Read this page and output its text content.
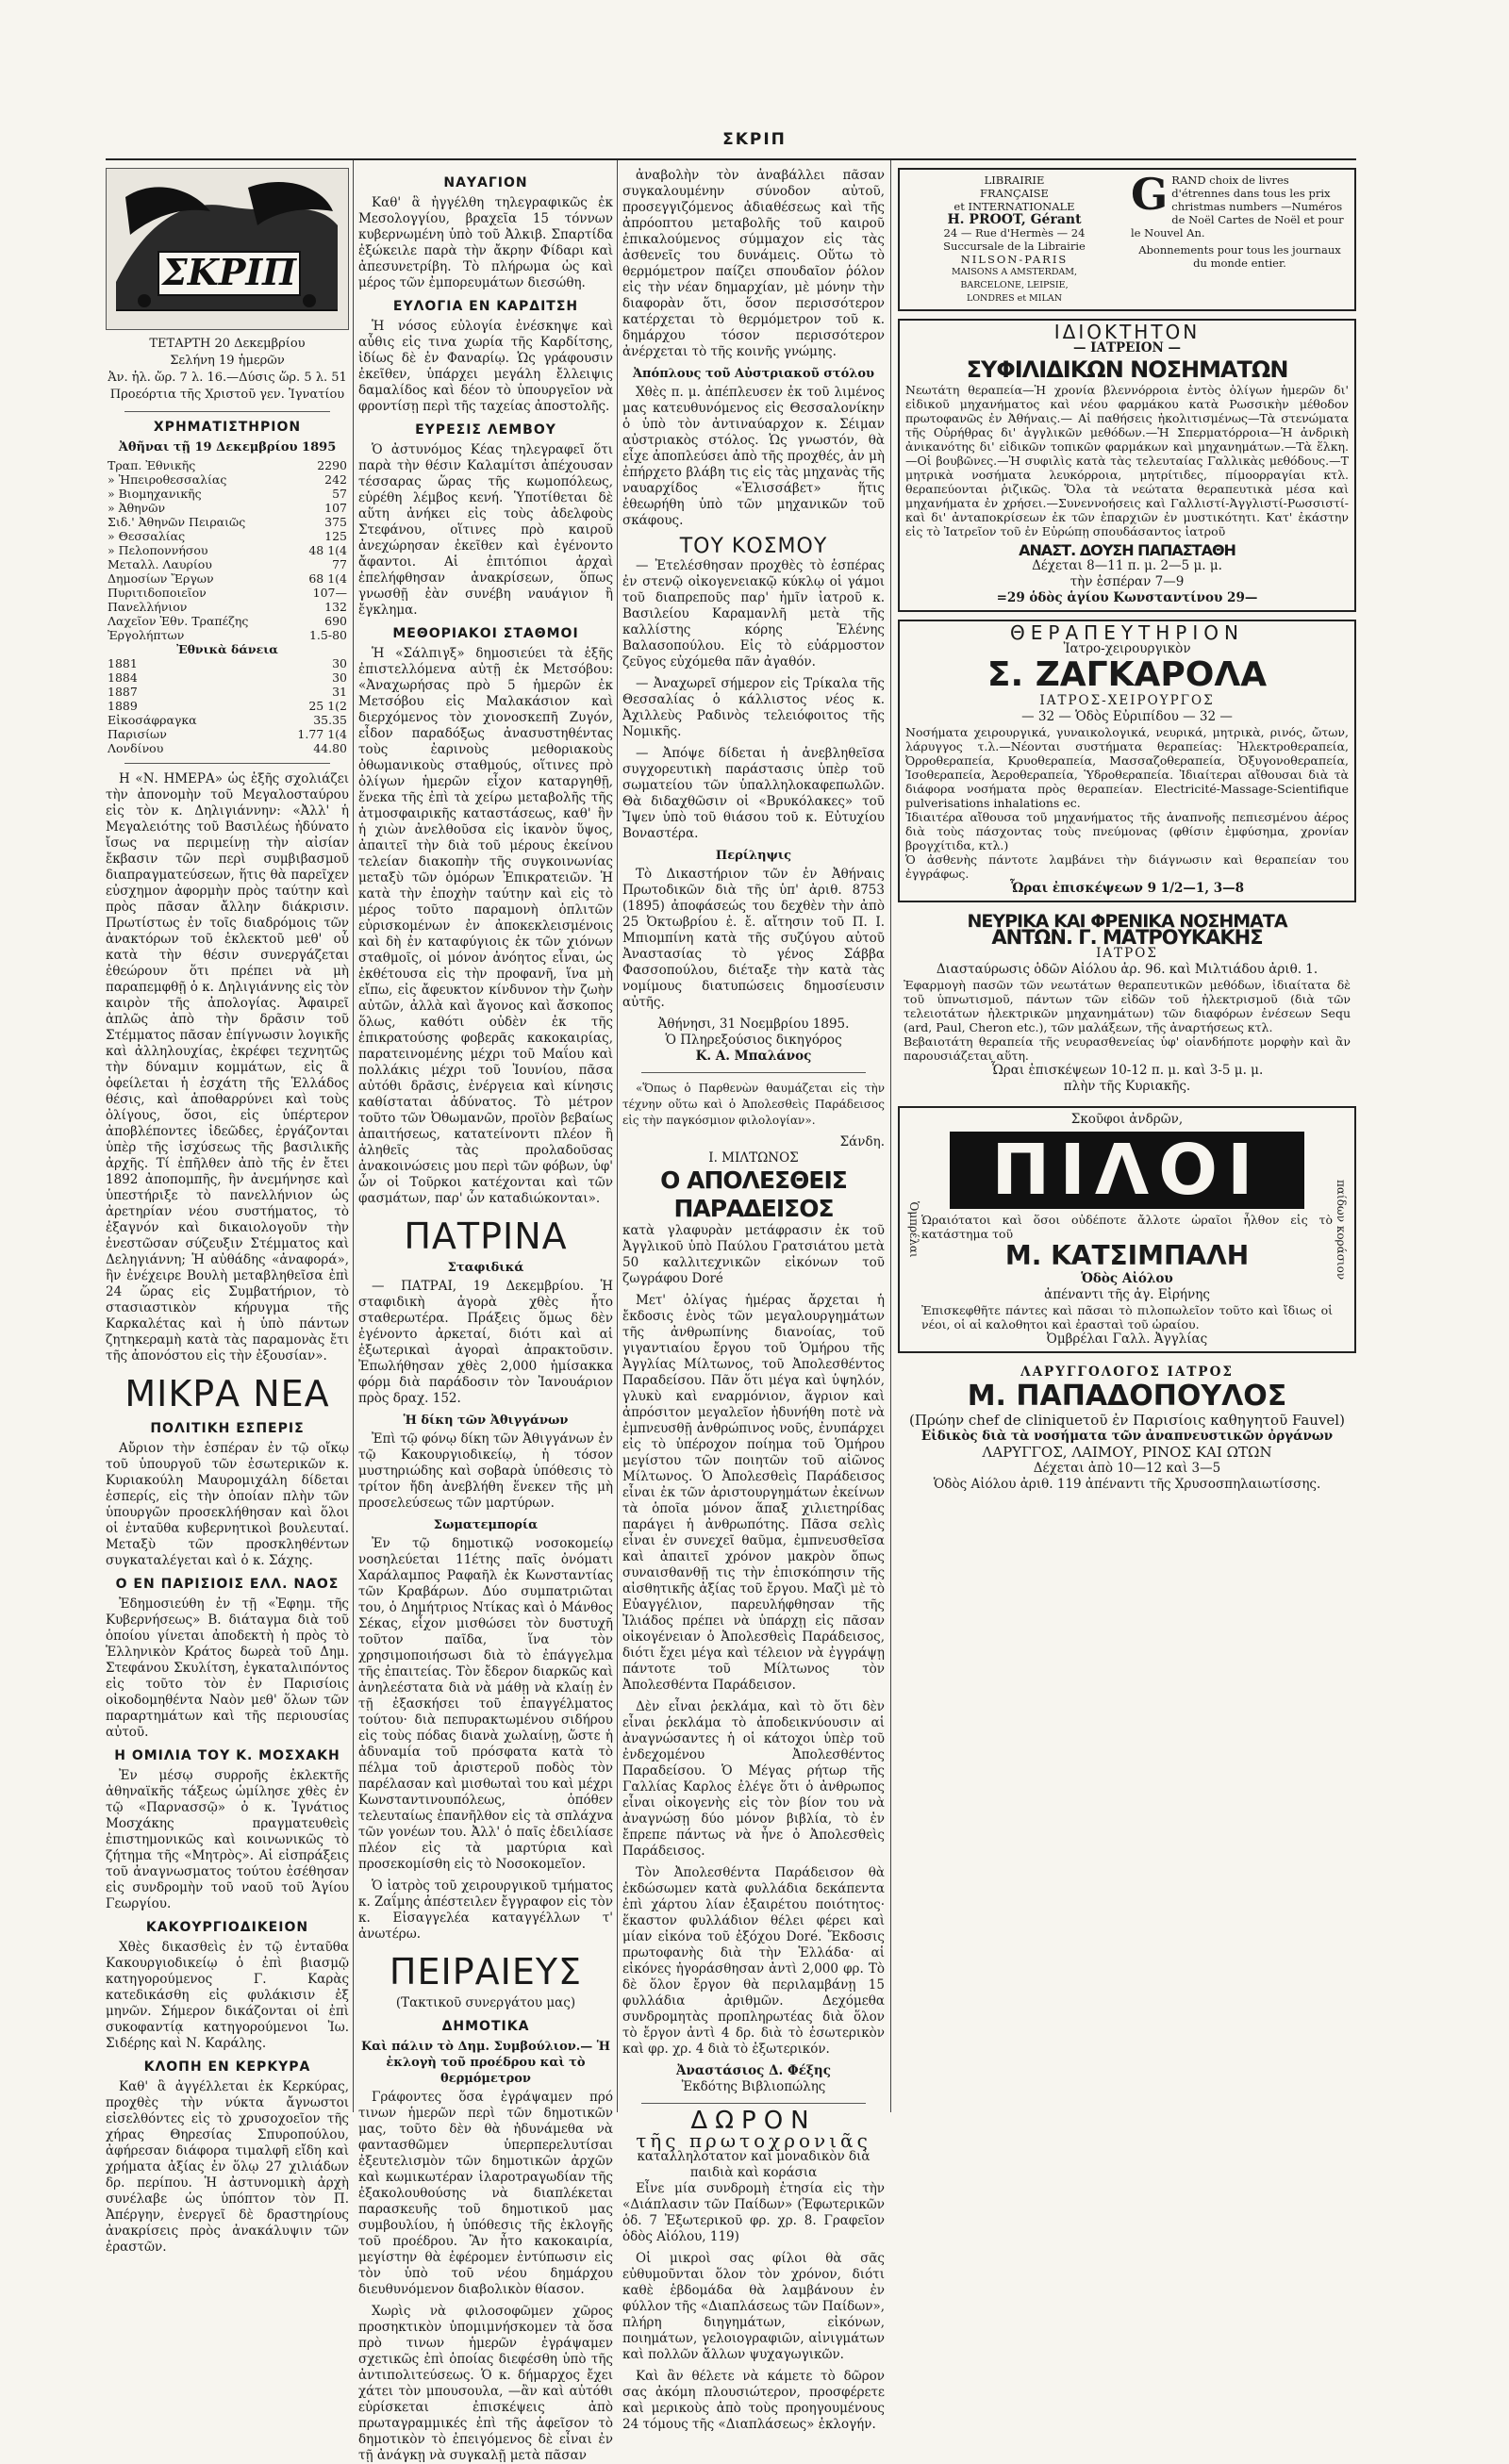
ΣΚΡΙΠ
ΣΚΡΙΠ
ΤΕΤΑΡΤΗ 20 Δεκεμβρίου
Σελήνη 19 ἡμερῶν
Ἀν. ἡλ. ὥρ. 7 λ. 16.—Δύσις ὥρ. 5 λ. 51
Προεόρτια τῆς Χριστοῦ γεν. Ἰγνατίου
ΧΡΗΜΑΤΙΣΤΗΡΙΟΝ
Ἀθῆναι τῇ 19 Δεκεμβρίου 1895
Τραπ. Ἐθνικῆς	2290
» Ἠπειροθεσσαλίας	242
» Βιομηχανικῆς	57
» Ἀθηνῶν	107
Σιδ.' Ἀθηνῶν Πειραιῶς	375
» Θεσσαλίας	125
» Πελοποννήσου	48 1(4
Μεταλλ. Λαυρίου	77
Δημοσίων Ἔργων	68 1(4
Πυριτιδοποιεῖον	107—
Πανελλήνιον	132
Λαχεῖον Ἐθν. Τραπέζης	690
Ἐργολήπτων	1.5-80
Ἐθνικὰ δάνεια	
1881	30
1884	30
1887	31
1889	25 1(2
Εἰκοσάφραγκα	35.35
Παρισίων	1.77 1(4
Λονδίνου	44.80

Η «Ν. ΗΜΕΡΑ» ὡς ἑξῆς σχολιάζει τὴν ἀπονομὴν τοῦ Μεγαλοσταύρου εἰς τὸν κ. Δηλιγιάννην: «Ἀλλ' ἡ Μεγαλειότης τοῦ Βασιλέως ἠδύνατο ἴσως να περιμείνῃ τὴν αἰσίαν ἔκβασιν τῶν περὶ συμβιβασμοῦ διαπραγματεύσεων, ἥτις θὰ παρεῖχεν εὐσχημον ἀφορμὴν πρὸς ταύτην καὶ πρὸς πᾶσαν ἄλλην διάκρισιν. Πρωτίστως ἐν τοῖς διαδρόμοις τῶν ἀνακτόρων τοῦ ἐκλεκτοῦ μεθ' οὗ κατὰ τὴν θέσιν συνεργάζεται ἐθεώρουν ὅτι πρέπει νὰ μὴ παραπεμφθῇ ὁ κ. Δηλιγιάννης εἰς τὸν καιρὸν τῆς ἀπολογίας. Ἀφαιρεῖ ἀπλῶς ἀπὸ τὴν δρᾶσιν τοῦ Στέμματος πᾶσαν ἐπίγνωσιν λογικῆς καὶ ἀλληλουχίας, ἐκρέφει τεχνητῶς τὴν δύναμιν κομμάτων, εἰς ἃ ὀφείλεται ἡ ἐσχάτη τῆς Ἑλλάδος θέσις, καὶ ἀποθαρρύνει καὶ τοὺς ὀλίγους, ὅσοι, εἰς ὑπέρτερον ἀποβλέποντες ἰδεῶδες, ἐργάζονται ὑπὲρ τῆς ἰσχύσεως τῆς βασιλικῆς ἀρχῆς. Τί ἐπῆλθεν ἀπὸ τῆς ἐν ἔτει 1892 ἀποπομπῆς, ἣν ἀνεμήνησε καὶ ὑπεστήριξε τὸ πανελλήνιον ὡς ἀρετηρίαν νέου συστήματος, τὸ ἐξαγνόν καὶ δικαιολογοῦν τὴν ἐνεστῶσαν σύζευξιν Στέμματος καὶ Δεληγιάννη; Ἡ αὐθάδης «ἀναφορά», ἣν ἐνέχειρε Βουλὴ μεταβληθεῖσα ἐπὶ 24 ὥρας εἰς Συμβατήριον, τὸ στασιαστικὸν κήρυγμα τῆς Καρκαλέτας καὶ ἡ ὑπὸ πάντων ζητηκεραμὴ κατὰ τὰς παραμονὰς ἔτι τῆς ἀπονόστου εἰς τὴν ἐξουσίαν».

ΜΙΚΡΑ ΝΕΑ
ΠΟΛΙΤΙΚΗ ΕΣΠΕΡΙΣ

Αὔριον τὴν ἑσπέραν ἐν τῷ οἴκῳ τοῦ ὑπουργοῦ τῶν ἐσωτερικῶν κ. Κυριακούλη Μαυρομιχάλη δίδεται ἑσπερίς, εἰς τὴν ὁποίαν πλὴν τῶν ὑπουργῶν προσεκλήθησαν καὶ ὅλοι οἱ ἐνταῦθα κυβερνητικοὶ βουλευταί. Μεταξὺ τῶν προσκληθέντων συγκαταλέγεται καὶ ὁ κ. Σάχης.

Ο ΕΝ ΠΑΡΙΣΙΟΙΣ ΕΛΛ. ΝΑΟΣ

Ἐδημοσιεύθη ἐν τῇ «Ἐφημ. τῆς Κυβερνήσεως» Β. διάταγμα διὰ τοῦ ὁποίου γίνεται ἀποδεκτὴ ἡ πρὸς τὸ Ἑλληνικὸν Κράτος δωρεὰ τοῦ Δημ. Στεφάνου Σκυλίτση, ἐγκαταλιπόντος εἰς τοῦτο τὸν ἐν Παρισίοις οἰκοδομηθέντα Ναὸν μεθ' ὅλων τῶν παραρτημάτων καὶ τῆς περιουσίας αὐτοῦ.

Η ΟΜΙΛΙΑ ΤΟΥ Κ. ΜΟΣΧΑΚΗ

Ἐν μέσῳ συρροῆς ἐκλεκτῆς ἀθηναϊκῆς τάξεως ὡμίλησε χθὲς ἐν τῷ «Παρνασσῷ» ὁ κ. Ἰγνάτιος Μοσχάκης πραγματευθεὶς ἐπιστημονικῶς καὶ κοινωνικῶς τὸ ζήτημα τῆς «Μητρὸς». Αἱ εἰσπράξεις τοῦ ἀναγνωσματος τούτου ἐσέθησαν εἰς συνδρομὴν τοῦ ναοῦ τοῦ Ἁγίου Γεωργίου.

ΚΑΚΟΥΡΓΙΟΔΙΚΕΙΟΝ

Χθὲς δικασθεὶς ἐν τῷ ἐνταῦθα Κακουργιοδικείῳ ὁ ἐπὶ βιασμῷ κατηγορούμενος Γ. Καρὰς κατεδικάσθη εἰς φυλάκισιν ἐξ μηνῶν. Σήμερον δικάζονται οἱ ἐπὶ συκοφαντίᾳ κατηγορούμενοι Ἰω. Σιδέρης καὶ Ν. Καράλης.

ΚΛΟΠΗ ΕΝ ΚΕΡΚΥΡΑ

Καθ' ἃ ἀγγέλλεται ἐκ Κερκύρας, προχθὲς τὴν νύκτα ἄγνωστοι εἰσελθόντες εἰς τὸ χρυσοχοεῖον τῆς χήρας Θηρεσίας Σπυροπούλου, ἀφήρεσαν διάφορα τιμαλφῆ εἴδη καὶ χρήματα ἀξίας ἐν ὅλῳ 27 χιλιάδων δρ. περίπου. Ἡ ἀστυνομικὴ ἀρχὴ συνέλαβε ὡς ὑπόπτον τὸν Π. Ἀπέργην, ἐνεργεῖ δὲ δραστηρίους ἀνακρίσεις πρὸς ἀνακάλυψιν τῶν ἐραστῶν.

ΝΑΥΑΓΙΟΝ

Καθ' ἃ ἠγγέλθη τηλεγραφικῶς ἐκ Μεσολογγίου, βραχεῖα 15 τόννων κυβερνωμένη ὑπὸ τοῦ Ἀλκιβ. Σπαρτίδα ἐξώκειλε παρὰ τὴν ἄκρην Φίδαρι καὶ ἀπεσυνετρίβη. Τὸ πλήρωμα ὡς καὶ μέρος τῶν ἐμπορευμάτων διεσώθη.

ΕΥΛΟΓΙΑ ΕΝ ΚΑΡΔΙΤΣΗ

Ἡ νόσος εὐλογία ἐνέσκηψε καὶ αὖθις εἰς τινα χωρία τῆς Καρδίτσης, ἰδίως δὲ ἐν Φαναρίῳ. Ὡς γράφουσιν ἐκεῖθεν, ὑπάρχει μεγάλη ἔλλειψις δαμαλίδος καὶ δέον τὸ ὑπουργεῖον νὰ φροντίσῃ περὶ τῆς ταχείας ἀποστολῆς.

ΕΥΡΕΣΙΣ ΛΕΜΒΟΥ

Ὁ ἀστυνόμος Κέας τηλεγραφεῖ ὅτι παρὰ τὴν θέσιν Καλαμίτσι ἀπέχουσαν τέσσαρας ὥρας τῆς κωμοπόλεως, εὑρέθη λέμβος κενή. Ὑποτίθεται δὲ αὕτη ἀνήκει εἰς τοὺς ἀδελφοὺς Στεφάνου, οἵτινες πρὸ καιροῦ ἀνεχώρησαν ἐκεῖθεν καὶ ἐγένοντο ἄφαντοι. Αἱ ἐπιτόπιοι ἀρχαὶ ἐπελήφθησαν ἀνακρίσεων, ὅπως γνωσθῇ ἐὰν συνέβη ναυάγιον ἢ ἔγκλημα.

ΜΕΘΟΡΙΑΚΟΙ ΣΤΑΘΜΟΙ

Ἡ «Σάλπιγξ» δημοσιεύει τὰ ἑξῆς ἐπιστελλόμενα αὐτῇ ἐκ Μετσόβου: «Ἀναχωρήσας πρὸ 5 ἡμερῶν ἐκ Μετσόβου εἰς Μαλακάσιον καὶ διερχόμενος τὸν χιονοσκεπῆ Ζυγόν, εἶδον παραδόξως ἀνασυστηθέντας τοὺς ἐαρινοὺς μεθοριακοὺς ὀθωμανικοὺς σταθμούς, οἵτινες πρὸ ὀλίγων ἡμερῶν εἶχον καταργηθῇ, ἕνεκα τῆς ἐπὶ τὰ χείρω μεταβολῆς τῆς ἀτμοσφαιρικῆς καταστάσεως, καθ' ἣν ἡ χιὼν ἀνελθοῦσα εἰς ἱκανὸν ὕψος, ἀπαιτεῖ τὴν διὰ τοῦ μέρους ἐκείνου τελείαν διακοπὴν τῆς συγκοινωνίας μεταξὺ τῶν ὁμόρων Ἐπικρατειῶν. Ἡ κατὰ τὴν ἐποχὴν ταύτην καὶ εἰς τὸ μέρος τοῦτο παραμονὴ ὁπλιτῶν εὐρισκομένων ἐν ἀποκεκλεισμένοις καὶ δὴ ἐν καταφύγιοις ἐκ τῶν χιόνων σταθμοῖς, οἱ μόνον ἀνόητος εἶναι, ὡς ἐκθέτουσα εἰς τὴν προφανῆ, ἵνα μὴ εἴπω, εἰς ἄφευκτον κίνδυνον τὴν ζωὴν αὐτῶν, ἀλλὰ καὶ ἄγονος καὶ ἄσκοπος ὅλως, καθότι οὐδὲν ἐκ τῆς ἐπικρατούσης φοβερᾶς κακοκαιρίας, παρατεινομένης μέχρι τοῦ Μαΐου καὶ πολλάκις μέχρι τοῦ Ἰουνίου, πᾶσα αὐτόθι δρᾶσις, ἐνέργεια καὶ κίνησις καθίσταται ἀδύνατος. Τὸ μέτρον τοῦτο τῶν Ὀθωμανῶν, προϊὸν βεβαίως ἀπαιτήσεως, κατατείνοντι πλέον ἢ ἀληθεῖς τὰς προλαδοῦσας ἀνακοινώσεις μου περὶ τῶν φόβων, ὑφ' ὧν οἱ Τοῦρκοι κατέχονται καὶ τῶν φασμάτων, παρ' ὧν καταδιώκονται».

ΠΑΤΡΙΝΑ
Σταφιδικά

— ΠΑΤΡΑΙ, 19 Δεκεμβρίου. Ἡ σταφιδικὴ ἀγορὰ χθὲς ἦτο σταθερωτέρα. Πράξεις ὅμως δὲν ἐγένοντο ἀρκεταί, διότι καὶ αἱ ἐξωτερικαὶ ἀγοραὶ ἀπρακτοῦσιν. Ἐπωλήθησαν χθὲς 2,000 ἡμίσακκα φόρμ διὰ παράδοσιν τὸν Ἰανουάριον πρὸς δραχ. 152.

Ἡ δίκη τῶν Ἀθιγγάνων

Ἐπὶ τῷ φόνῳ δίκη τῶν Ἀθιγγάνων ἐν τῷ Κακουργιοδικείῳ, ἡ τόσον μυστηριώδης καὶ σοβαρὰ ὑπόθεσις τὸ τρίτον ἤδη ἀνεβλήθη ἕνεκεν τῆς μὴ προσελεύσεως τῶν μαρτύρων.

Σωματεμπορία

Ἐν τῷ δημοτικῷ νοσοκομείῳ νοσηλεύεται 11έτης παῖς ὀνόματι Χαράλαμπος Ραφαῆλ ἐκ Κωνσταντίας τῶν Κραβάρων. Δύο συμπατριῶται του, ὁ Δημήτριος Ντίκας καὶ ὁ Μάνθος Σέκας, εἶχον μισθώσει τὸν δυστυχῆ τοῦτον παῖδα, ἵνα τὸν χρησιμοποιήσωσι διὰ τὸ ἐπάγγελμα τῆς ἐπαιτείας. Τὸν ἔδερον διαρκῶς καὶ ἀνηλεέστατα διὰ νὰ μάθῃ νὰ κλαίῃ ἐν τῇ ἐξασκήσει τοῦ ἐπαγγέλματος τούτου· διὰ πεπυρακτωμένου σιδήρου εἰς τοὺς πόδας διανὰ χωλαίνῃ, ὥστε ἡ ἀδυναμία τοῦ πρόσφατα κατὰ τὸ πέλμα τοῦ ἀριστεροῦ ποδὸς τὸν παρέλασαν καὶ μισθωταὶ του καὶ μέχρι Κωνσταντινουπόλεως, ὁπόθεν τελευταίως ἐπανῆλθον εἰς τὰ σπλάχνα τῶν γονέων του. Ἀλλ' ὁ παῖς ἐδειλίασε πλέον εἰς τὰ μαρτύρια καὶ προσεκομίσθη εἰς τὸ Νοσοκομεῖον.

Ὁ ἰατρὸς τοῦ χειρουργικοῦ τμήματος κ. Ζαΐμης ἀπέστειλεν ἔγγραφον εἰς τὸν κ. Εἰσαγγελέα καταγγέλλων τ' ἀνωτέρω.

ΠΕΙΡΑΙΕΥΣ
(Τακτικοῦ συνεργάτου μας)
ΔΗΜΟΤΙΚΑ
Καὶ πάλιν τὸ Δημ. Συμβούλιον.— Ἡ ἐκλογὴ τοῦ προέδρου καὶ τὸ θερμόμετρον

Γράφοντες ὅσα ἐγράψαμεν πρό τινων ἡμερῶν περὶ τῶν δημοτικῶν μας, τοῦτο δὲν θὰ ἠδυνάμεθα νὰ φαντασθῶμεν ὑπερπερελυτίσαι ἐξευτελισμὸν τῶν δημοτικῶν ἀρχῶν καὶ κωμικωτέραν ἱλαροτραγωδίαν τῆς ἐξακολουθούσης νὰ διαπλέκεται παρασκευῆς τοῦ δημοτικοῦ μας συμβουλίου, ἡ ὑπόθεσις τῆς ἐκλογῆς τοῦ προέδρου. Ἂν ἦτο κακοκαιρία, μεγίστην θὰ ἐφέρομεν ἐντύπωσιν εἰς τὸν ὑπὸ τοῦ νέου δημάρχου διευθυνόμενον διαβολικὸν θίασον.

Χωρὶς νὰ φιλοσοφῶμεν χῶρος προσηκτικὸν ὑπομιμνήσκομεν τὰ ὅσα πρὸ τινων ἡμερῶν ἐγράψαμεν σχετικῶς ἐπὶ ὁποίας διεφέσθη ὑπὸ τῆς ἀντιπολιτεύσεως. Ὁ κ. δήμαρχος ἔχει χάτει τὸν μπουσουλα, —ἂν καὶ αὐτόθι εὑρίσκεται ἐπισκέψεις ἀπὸ πρωταγραμμικές ἐπὶ τῆς ἀφεῖσον τὸ δημοτικὸν τὸ ἐπειγόμενος δὲ εἶναι ἐν τῇ ἀνάγκῃ νὰ συγκαλῇ μετὰ πᾶσαν

ἀναβολὴν τὸν ἀναβάλλει πᾶσαν συγκαλουμένην σύνοδον αὐτοῦ, προσεγγιζόμενος ἀδιαθέσεως καὶ τῆς ἀπρόοπτου μεταβολῆς τοῦ καιροῦ ἐπικαλούμενος σύμμαχον εἰς τὰς ἀσθενεῖς του δυνάμεις. Οὕτω τὸ θερμόμετρον παίζει σπουδαῖον ῥόλον εἰς τὴν νέαν δημαρχίαν, μὲ μόνην τὴν διαφορὰν ὅτι, ὅσον περισσότερον κατέρχεται τὸ θερμόμετρον τοῦ κ. δημάρχου τόσον περισσότερον ἀνέρχεται τὸ τῆς κοινῆς γνώμης.

Ἀπόπλους τοῦ Αὐστριακοῦ στόλου

Χθὲς π. μ. ἀπέπλευσεν ἐκ τοῦ λιμένος μας κατευθυνόμενος εἰς Θεσσαλονίκην ὁ ὑπὸ τὸν ἀντιναύαρχον κ. Σέιμαν αὐστριακὸς στόλος. Ὡς γνωστόν, θὰ εἶχε ἀποπλεύσει ἀπὸ τῆς προχθές, ἀν μὴ ἐπήρχετο βλάβη τις εἰς τὰς μηχανὰς τῆς ναυαρχίδος «Ἐλισσάβετ» ἥτις ἐθεωρήθη ὑπὸ τῶν μηχανικῶν τοῦ σκάφους.

ΤΟΥ ΚΟΣΜΟΥ

— Ἐτελέσθησαν προχθὲς τὸ ἑσπέρας ἐν στενῷ οἰκογενειακῷ κύκλῳ οἱ γάμοι τοῦ διαπρεποῦς παρ' ἡμῖν ἰατροῦ κ. Βασιλείου Καραμανλῆ μετὰ τῆς καλλίστης κόρης Ἑλένης Βαλασοπούλου. Εἰς τὸ εὐάρμοστον ζεῦγος εὐχόμεθα πᾶν ἀγαθόν.

— Ἀναχωρεῖ σήμερον εἰς Τρίκαλα τῆς Θεσσαλίας ὁ κάλλιστος νέος κ. Ἀχιλλεὺς Ραδινὸς τελειόφοιτος τῆς Νομικῆς.

— Ἀπόψε δίδεται ἡ ἀνεβληθεῖσα συγχορευτικὴ παράστασις ὑπὲρ τοῦ σωματείου τῶν ὑπαλληλοκαφεπωλῶν. Θὰ διδαχθῶσιν οἱ «Βρυκόλακες» τοῦ Ἴψεν ὑπὸ τοῦ θιάσου τοῦ κ. Εὐτυχίου Βοναστέρα.

Περίληψις

Τὸ Δικαστήριον τῶν ἐν Ἀθήναις Πρωτοδικῶν διὰ τῆς ὑπ' ἀριθ. 8753 (1895) ἀποφάσεώς του δεχθὲν τὴν ἀπὸ 25 Ὀκτωβρίου ἐ. ἔ. αἴτησιν τοῦ Π. Ι. Μπιομπίνη κατὰ τῆς συζύγου αὐτοῦ Ἀναστασίας τὸ γένος Σάββα Φασσοπούλου, διέταξε τὴν κατὰ τὰς νομίμους διατυπώσεις δημοσίευσιν αὐτῆς.

Ἀθήνησι, 31 Νοεμβρίου 1895.
Ὁ Πληρεξούσιος δικηγόρος
Κ. Α. Μπαλάνος

«Ὅπως ὁ Παρθενὼν θαυμάζεται εἰς τὴν τέχνην οὕτω καὶ ὁ Ἀπολεσθεὶς Παράδεισος εἰς τὴν παγκόσμιον φιλολογίαν».

Σάνδη.
Ι. ΜΙΛΤΩΝΟΣ
Ο ΑΠΟΛΕΣΘΕΙΣ ΠΑΡΑΔΕΙΣΟΣ

κατὰ γλαφυρὰν μετάφρασιν ἐκ τοῦ Ἀγγλικοῦ ὑπὸ Παύλου Γρατσιάτου μετὰ 50 καλλιτεχνικῶν εἰκόνων τοῦ ζωγράφου Doré

Μετ' ὀλίγας ἡμέρας ἄρχεται ἡ ἔκδοσις ἑνὸς τῶν μεγαλουργημάτων τῆς ἀνθρωπίνης διανοίας, τοῦ γιγαντιαίου ἔργου τοῦ Ὁμήρου τῆς Ἀγγλίας Μίλτωνος, τοῦ Ἀπολεσθέντος Παραδείσου. Πᾶν ὅτι μέγα καὶ ὑψηλόν, γλυκὺ καὶ εναρμόνιον, ἅγριον καὶ ἀπρόσιτον μεγαλεῖον ἠδυνήθη ποτὲ νὰ ἐμπνευσθῇ ἀνθρώπινος νοῦς, ἐνυπάρχει εἰς τὸ ὑπέροχον ποίημα τοῦ Ὁμήρου μεγίστου τῶν ποιητῶν τοῦ αἰῶνος Μίλτωνος. Ὁ Ἀπολεσθεὶς Παράδεισος εἶναι ἐκ τῶν ἀριστουργημάτων ἐκείνων τὰ ὁποῖα μόνον ἅπαξ χιλιετηρίδας παράγει ἡ ἀνθρωπότης. Πᾶσα σελὶς εἶναι ἐν συνεχεῖ θαῦμα, ἐμπνευσθεῖσα καὶ ἀπαιτεῖ χρόνον μακρὸν ὅπως συναισθανθῇ τις τὴν ἐπισκόπησιν τῆς αἰσθητικῆς ἀξίας τοῦ ἔργου. Μαζὶ μὲ τὸ Εὐαγγέλιον, παρευλήφθησαν τῆς Ἰλιάδος πρέπει νὰ ὑπάρχῃ εἰς πᾶσαν οἰκογένειαν ὁ Ἀπολεσθεὶς Παράδεισος, διότι ἔχει μέγα καὶ τέλειον νὰ ἐγγράψῃ πάντοτε τοῦ Μίλτωνος τὸν Ἀπολεσθέντα Παράδεισον.

Δὲν εἶναι ῥεκλάμα, καὶ τὸ ὅτι δὲν εἶναι ῥεκλάμα τὸ ἀποδεικνύουσιν αἱ ἀναγνώσαντες ἡ οἱ κάτοχοι ὑπὲρ τοῦ ἐνδεχομένου Ἀπολεσθέντος Παραδείσου. Ὁ Μέγας ρήτωρ τῆς Γαλλίας Καρλος ἐλέγε ὅτι ὁ ἀνθρωπος εἶναι οἰκογενὴς εἰς τὸν βίον του νὰ ἀναγνώσῃ δύο μόνον βιβλία, τὸ ἐν ἔπρεπε πάντως νὰ ἦνε ὁ Ἀπολεσθεὶς Παράδεισος.

Τὸν Ἀπολεσθέντα Παράδεισον θὰ ἐκδώσωμεν κατὰ φυλλάδια δεκάπεντα ἐπὶ χάρτου λίαν ἐξαιρέτου ποιότητος· ἕκαστον φυλλάδιον θέλει φέρει καὶ μίαν εἰκόνα τοῦ ἐξόχου Doré. Ἔκδοσις πρωτοφανὴς διὰ τὴν Ἑλλάδα· αἱ εἰκόνες ἠγοράσθησαν ἀντὶ 2,000 φρ. Τὸ δὲ ὅλον ἔργον θὰ περιλαμβάνῃ 15 φυλλάδια ἀριθμῶν. Δεχόμεθα συνδρομητὰς προπληρωτέας διὰ ὅλον τὸ ἔργον ἀντὶ 4 δρ. διὰ τὸ ἐσωτερικὸν καὶ φρ. χρ. 4 διὰ τὸ ἐξωτερικόν.

Ἀναστάσιος Δ. Φέξης
Ἐκδότης Βιβλιοπώλης
ΔΩΡΟΝ
τῆς πρωτοχρονιᾶς
καταλληλότατον καὶ μοναδικὸν διὰ παιδιὰ καὶ κοράσια

Εἶνε μία συνδρομὴ ἐτησία εἰς τὴν «Διάπλασιν τῶν Παίδων» (Ἐφωτερικῶν ὁδ. 7 Ἐξωτερικοῦ φρ. χρ. 8. Γραφεῖον ὁδὸς Αἰόλου, 119)

Οἱ μικροὶ σας φίλοι θὰ σᾶς εὐθυμοῦνται ὅλον τὸν χρόνον, διότι καθὲ ἑβδομάδα θὰ λαμβάνουν ἐν φύλλον τῆς «Διαπλάσεως τῶν Παίδων», πλήρη διηγημάτων, εἰκόνων, ποιημάτων, γελοιογραφιῶν, αἰνιγμάτων καὶ πολλῶν ἄλλων ψυχαγωγικῶν.

Καὶ ἂν θέλετε νὰ κάμετε τὸ δῶρον σας ἀκόμη πλουσιώτερον, προσφέρετε καὶ μερικοὺς ἀπὸ τοὺς προηγουμένους 24 τόμους τῆς «Διαπλάσεως» ἐκλογήν.

LIBRAIRIE
FRANÇAISE
et INTERNATIONALE
H. PROOT, Gérant
24 — Rue d'Hermès — 24
Succursale de la Librairie
NILSON-PARIS
MAISONS A AMSTERDAM,
BARCELONE, LEIPSIE,
LONDRES et MILAN
G RAND choix de livres d'étrennes dans tous les prix christmas numbers —Numéros de Noël Cartes de Noël et pour le Nouvel An.
Abonnements pour tous les journaux du monde entier.
ΙΔΙΟΚΤΗΤΟΝ
— ΙΑΤΡΕΙΟΝ —
ΣΥΦΙΛΙΔΙΚΩΝ ΝΟΣΗΜΑΤΩΝ
Νεωτάτη θεραπεία—Ἡ χρονία βλεννόρροια ἐντὸς ὀλίγων ἡμερῶν δι' εἰδικοῦ μηχανήματος καὶ νέου φαρμάκου κατὰ Ρωσσικὴν μέθοδον πρωτοφανῶς ἐν Ἀθήναις.— Αἱ παθήσεις ἠκολιτισμένως—Τὰ στενώματα τῆς Οὐρήθρας δι' ἀγγλικῶν μεθόδων.—Ἡ Σπερματόρροια—Ἡ ἀνδρικὴ ἀνικανότης δι' εἰδικῶν τοπικῶν φαρμάκων καὶ μηχανημάτων.—Τὰ ἕλκη.—Οἱ βουβῶνες.—Ἡ συφιλὶς κατὰ τὰς τελευταίας Γαλλικὰς μεθόδους.—Τ μητρικὰ νοσήματα λευκόρροια, μητρίτιδες, πίμοορραγίαι κτλ. θεραπεύονται ῥιζικῶς. Ὅλα τὰ νεώτατα θεραπευτικὰ μέσα καὶ μηχανήματα ἐν χρήσει.—Συνεννοήσεις καὶ Γαλλιστί-Ἀγγλιστί-Ρωσσιστί-καὶ δι' ἀνταποκρίσεων ἐκ τῶν ἐπαρχιῶν ἐν μυστικότητι. Κατ' ἐκάστην εἰς τὸ Ἰατρεῖον τοῦ ἐν Εὐρώπῃ σπουδάσαντος ἰατροῦ
ΑΝΑΣΤ. ΔΟΥΣΗ ΠΑΠΑΣΤΑΘΗ
Δέχεται 8—11 π. μ. 2—5 μ. μ.
τὴν ἑσπέραν 7—9
=29 ὁδὸς ἁγίου Κωνσταντίνου 29—
ΘΕΡΑΠΕΥΤΗΡΙΟΝ
Ἰατρο-χειρουργικὸν
Σ. ΖΑΓΚΑΡΟΛΑ
ΙΑΤΡΟΣ-ΧΕΙΡΟΥΡΓΟΣ
— 32 — Ὁδὸς Εὐριπίδου — 32 —
Νοσήματα χειρουργικά, γυναικολογικά, νευρικά, μητρικὰ, ρινός, ὤτων, λάρυγγος τ.λ.—Νέονται συστήματα θεραπείας: Ἠλεκτροθεραπεία, Ὀρροθεραπεία, Κρυοθεραπεία, Μασσαζοθεραπεία, Ὀξυγονοθεραπεία, Ἰσοθεραπεία, Ἀεροθεραπεία, Ὑδροθεραπεία. Ἰδιαίτεραι αἴθουσαι διὰ τὰ διάφορα νοσήματα πρὸς θεραπείαν. Electricité-Massage-Scientifique pulverisations inhalations ec.
Ἰδιαιτέρα αἴθουσα τοῦ μηχανήματος τῆς ἀναπνοῆς πεπιεσμένου ἀέρος διὰ τοὺς πάσχοντας τοὺς πνεύμονας (φθίσιν ἐμφύσημα, χρονίαν βρογχίτιδα, κτλ.)
Ὁ ἀσθενὴς πάντοτε λαμβάνει τὴν διάγνωσιν καὶ θεραπείαν του ἐγγράφως.
Ὧραι ἐπισκέψεων 9 1/2—1, 3—8
ΝΕΥΡΙΚΑ ΚΑΙ ΦΡΕΝΙΚΑ ΝΟΣΗΜΑΤΑ
ΑΝΤΩΝ. Γ. ΜΑΤΡΟΥΚΑΚΗΣ
ΙΑΤΡΟΣ
Διασταύρωσις ὁδῶν Αἰόλου ἀρ. 96. καὶ Μιλτιάδου ἀριθ. 1.
Ἐφαρμογὴ πασῶν τῶν νεωτάτων θεραπευτικῶν μεθόδων, ἰδιαίτατα δὲ τοῦ ὑπνωτισμοῦ, πάντων τῶν εἰδῶν τοῦ ἠλεκτρισμοῦ (διὰ τῶν τελειοτάτων ἠλεκτρικῶν μηχανημάτων) τῶν διαφόρων ἐνέσεων Sequ (ard, Paul, Cheron etc.), τῶν μαλάξεων, τῆς ἀναρτήσεως κτλ.
Βεβαιοτάτη θεραπεία τῆς νευρασθενείας ὑφ' οἱανδήποτε μορφὴν καὶ ἂν παρουσιάζεται αὕτη.
Ὧραι ἐπισκέψεων 10-12 π. μ. καὶ 3-5 μ. μ.
πλὴν τῆς Κυριακῆς.
Σκοῦφοι ἀνδρῶν,
Ὁμπρέλαι
ΠΙΛΟΙ
Ὡραιότατοι καὶ ὅσοι οὐδέποτε ἄλλοτε ὡραῖοι ἦλθον εἰς τὸ κατάστημα τοῦ
Μ. ΚΑΤΣΙΜΠΑΛΗ
Ὁδὸς Αἰόλου
ἀπέναντι τῆς ἁγ. Εἰρήνης
Ἐπισκεφθῆτε πάντες καὶ πᾶσαι τὸ πιλοπωλεῖον τοῦτο καὶ ἴδιως οἱ νέοι, οἱ αἱ καλοθητοι καὶ ἐρασταὶ τοῦ ὡραίου.
παίδων κοράσιον
Ὀμβρέλαι Γαλλ. Ἀγγλίας
ΛΑΡΥΓΓΟΛΟΓΟΣ ΙΑΤΡΟΣ
Μ. ΠΑΠΑΔΟΠΟΥΛΟΣ
(Πρώην chef de cliniqueτοῦ ἐν Παρισίοις καθηγητοῦ Fauvel)
Εἰδικὸς διὰ τὰ νοσήματα τῶν ἀναπνευστικῶν ὀργάνων
ΛΑΡΥΓΓΟΣ, ΛΑΙΜΟΥ, ΡΙΝΟΣ ΚΑΙ ΩΤΩΝ
Δέχεται ἀπὸ 10—12 καὶ 3—5
Ὁδὸς Αἰόλου ἀριθ. 119 ἀπέναντι τῆς Χρυσοσπηλαιωτίσσης.
